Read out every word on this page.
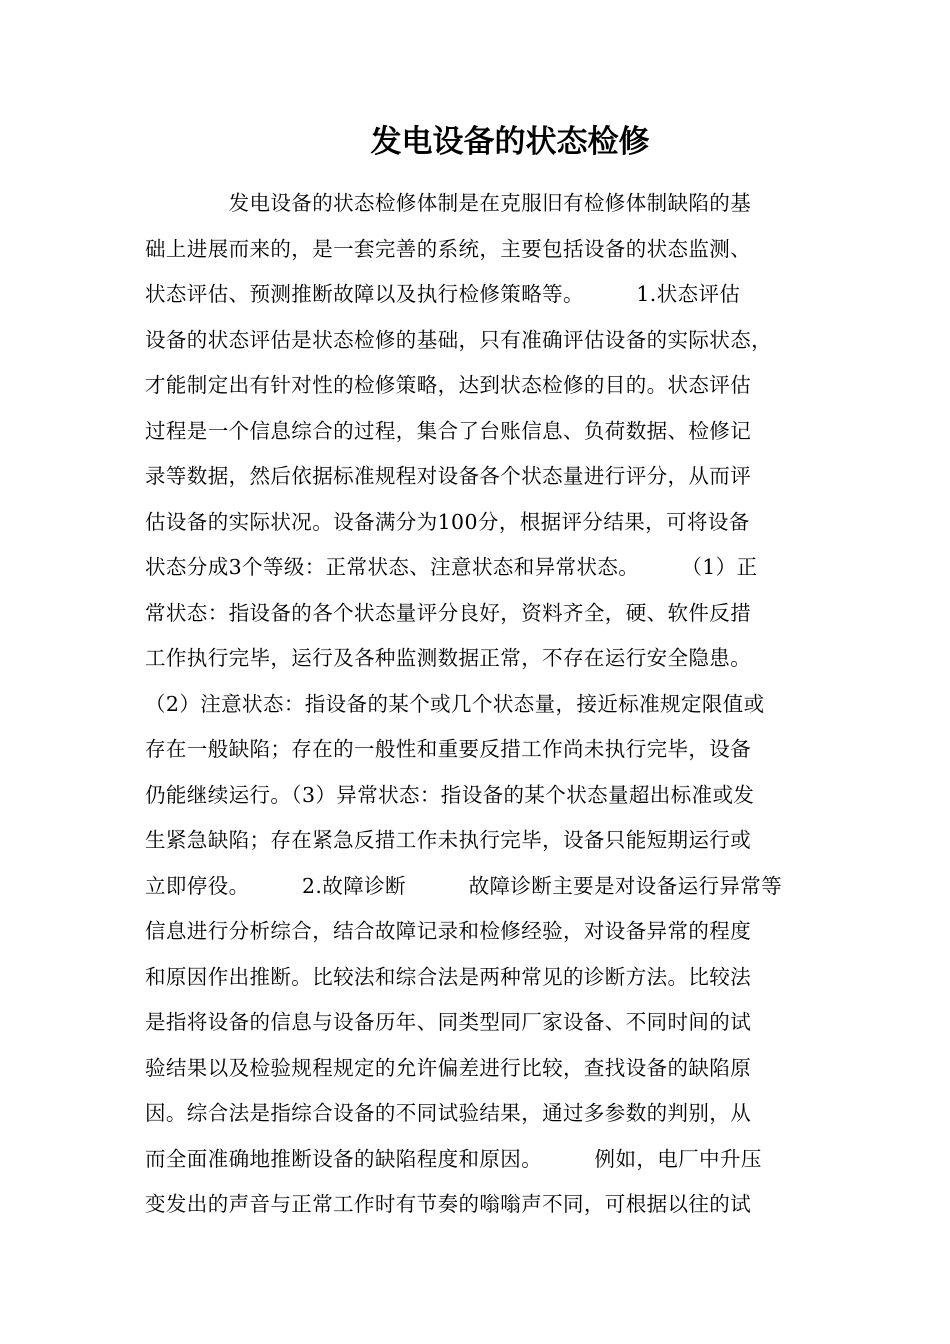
发电设备的状态检修
　　　　发电设备的状态检修体制是在克服旧有检修体制缺陷的基
础上进展而来的，是一套完善的系统，主要包括设备的状态监测、
状态评估、预测推断故障以及执行检修策略等。　　　1.状态评估
设备的状态评估是状态检修的基础，只有准确评估设备的实际状态，
才能制定出有针对性的检修策略，达到状态检修的目的。状态评估
过程是一个信息综合的过程，集合了台账信息、负荷数据、检修记
录等数据，然后依据标准规程对设备各个状态量进行评分，从而评
估设备的实际状况。设备满分为100分，根据评分结果，可将设备
状态分成3个等级：正常状态、注意状态和异常状态。　　　（1）正
常状态：指设备的各个状态量评分良好，资料齐全，硬、软件反措
工作执行完毕，运行及各种监测数据正常，不存在运行安全隐患。
（2）注意状态：指设备的某个或几个状态量，接近标准规定限值或
存在一般缺陷；存在的一般性和重要反措工作尚未执行完毕，设备
仍能继续运行。（3）异常状态：指设备的某个状态量超出标准或发
生紧急缺陷；存在紧急反措工作未执行完毕，设备只能短期运行或
立即停役。　　　2.故障诊断　　　故障诊断主要是对设备运行异常等
信息进行分析综合，结合故障记录和检修经验，对设备异常的程度
和原因作出推断。比较法和综合法是两种常见的诊断方法。比较法
是指将设备的信息与设备历年、同类型同厂家设备、不同时间的试
验结果以及检验规程规定的允许偏差进行比较，查找设备的缺陷原
因。综合法是指综合设备的不同试验结果，通过多参数的判别，从
而全面准确地推断设备的缺陷程度和原因。　　　例如，电厂中升压
变发出的声音与正常工作时有节奏的嗡嗡声不同，可根据以往的试
